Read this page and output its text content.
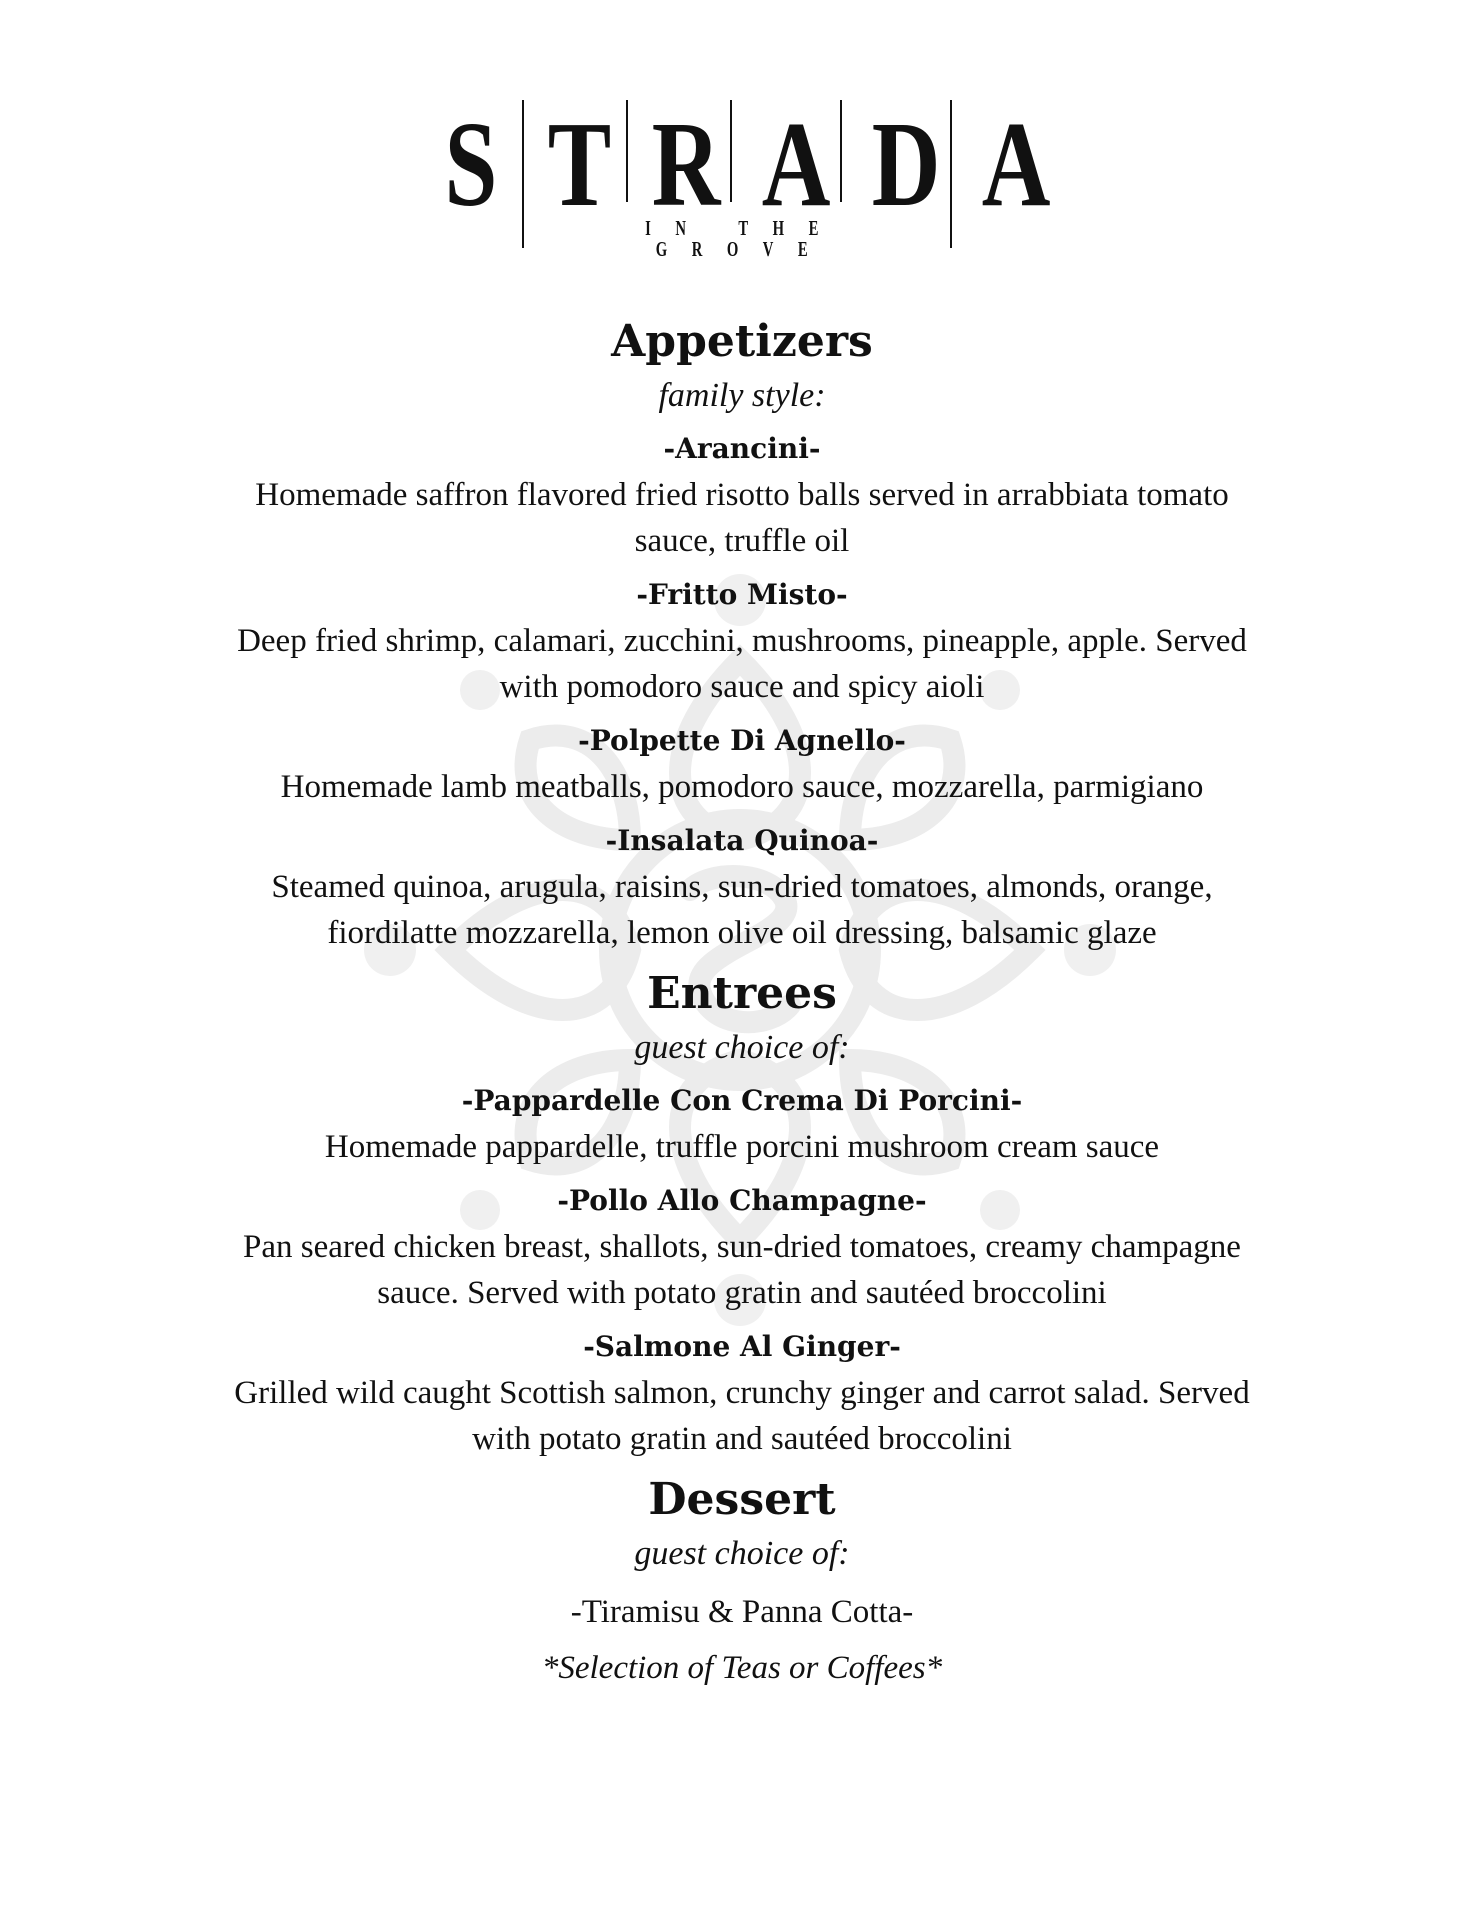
S T R A D A
IN THE GROVE
Appetizers
family style:
-Arancini-
Homemade saffron flavored fried risotto balls served in arrabbiata tomato
sauce, truffle oil
-Fritto Misto-
Deep fried shrimp, calamari, zucchini, mushrooms, pineapple, apple. Served
with pomodoro sauce and spicy aioli
-Polpette Di Agnello-
Homemade lamb meatballs, pomodoro sauce, mozzarella, parmigiano
-Insalata Quinoa-
Steamed quinoa, arugula, raisins, sun-dried tomatoes, almonds, orange,
fiordilatte mozzarella, lemon olive oil dressing, balsamic glaze
Entrees
guest choice of:
-Pappardelle Con Crema Di Porcini-
Homemade pappardelle, truffle porcini mushroom cream sauce
-Pollo Allo Champagne-
Pan seared chicken breast, shallots, sun-dried tomatoes, creamy champagne
sauce. Served with potato gratin and sautéed broccolini
-Salmone Al Ginger-
Grilled wild caught Scottish salmon, crunchy ginger and carrot salad. Served
with potato gratin and sautéed broccolini
Dessert
guest choice of:
-Tiramisu & Panna Cotta-
*Selection of Teas or Coffees*
